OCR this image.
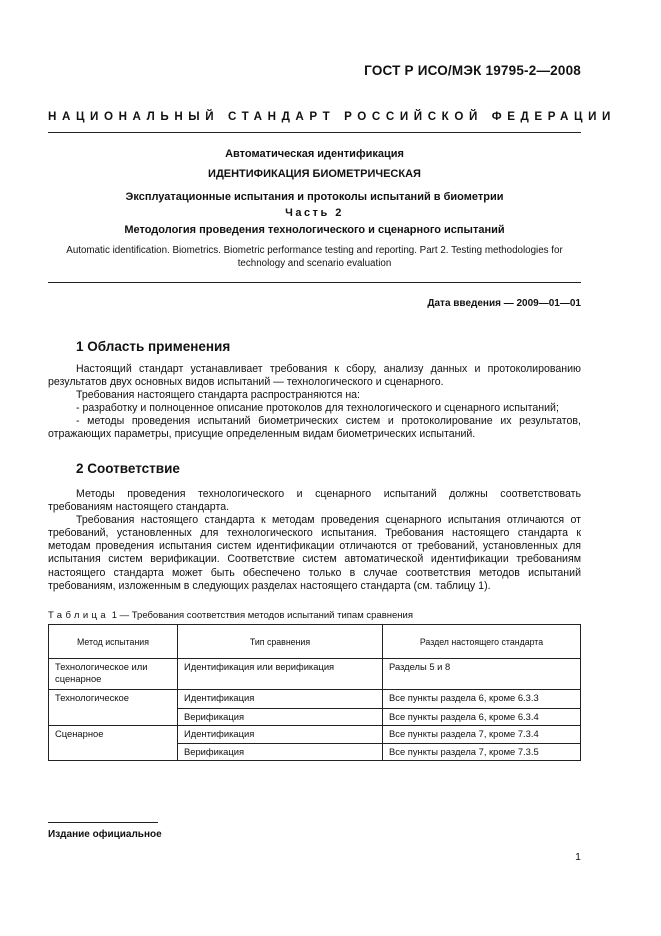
ГОСТ Р ИСО/МЭК 19795-2—2008
НАЦИОНАЛЬНЫЙ СТАНДАРТ РОССИЙСКОЙ ФЕДЕРАЦИИ
Автоматическая идентификация
ИДЕНТИФИКАЦИЯ БИОМЕТРИЧЕСКАЯ
Эксплуатационные испытания и протоколы испытаний в биометрии
Часть 2
Методология проведения технологического и сценарного испытаний
Automatic identification. Biometrics. Biometric performance testing and reporting. Part 2. Testing methodologies for technology and scenario evaluation
Дата введения — 2009—01—01
1 Область применения

Настоящий стандарт устанавливает требования к сбору, анализу данных и протоколированию результатов двух основных видов испытаний — технологического и сценарного.

Требования настоящего стандарта распространяются на:

- разработку и полноценное описание протоколов для технологического и сценарного испытаний;

- методы проведения испытаний биометрических систем и протоколирование их результатов, отражающих параметры, присущие определенным видам биометрических испытаний.

2 Соответствие

Методы проведения технологического и сценарного испытаний должны соответствовать требованиям настоящего стандарта.

Требования настоящего стандарта к методам проведения сценарного испытания отличаются от требований, установленных для технологического испытания. Требования настоящего стандарта к методам проведения испытания систем идентификации отличаются от требований, установленных для испытания систем верификации. Соответствие систем автоматической идентификации требованиям настоящего стандарта может быть обеспечено только в случае соответствия методов испытаний требованиям, изложенным в следующих разделах настоящего стандарта (см. таблицу 1).

Таблица 1 — Требования соответствия методов испытаний типам сравнения
Метод испытания	Тип сравнения	Раздел настоящего стандарта
Технологическое или сценарное	Идентификация или верификация	Разделы 5 и 8
Технологическое	Идентификация	Все пункты раздела 6, кроме 6.3.3
	Верификация	Все пункты раздела 6, кроме 6.3.4
Сценарное	Идентификация	Все пункты раздела 7, кроме 7.3.4
	Верификация	Все пункты раздела 7, кроме 7.3.5
Издание официальное
1
